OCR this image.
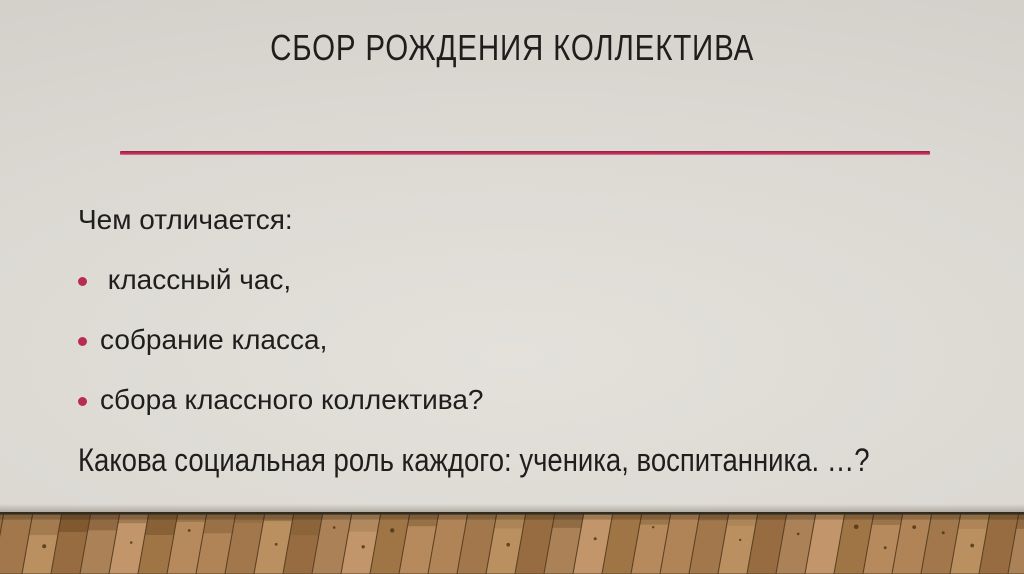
СБОР РОЖДЕНИЯ КОЛЛЕКТИВА
Чем отличается:
классный час,
собрание класса,
сбора классного коллектива?
Какова социальная роль каждого: ученика, воспитанника. …?
